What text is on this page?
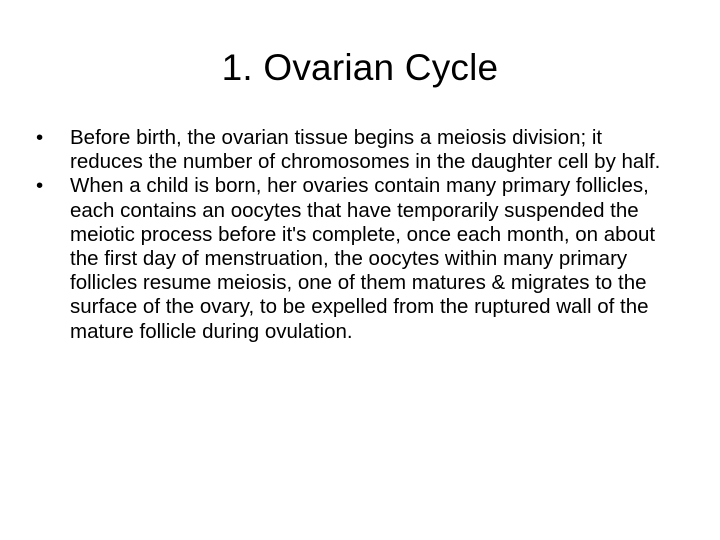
1. Ovarian Cycle
•	Before birth, the ovarian tissue begins a meiosis division; it reduces the number of chromosomes in the daughter cell by half.
•	When a child is born, her ovaries contain many primary follicles, each contains an oocytes that have temporarily suspended the meiotic process before it's complete, once each month, on about the first day of menstruation, the oocytes within many primary follicles resume meiosis, one of them matures & migrates to the surface of the ovary, to be expelled from the ruptured wall of the mature follicle during ovulation.
